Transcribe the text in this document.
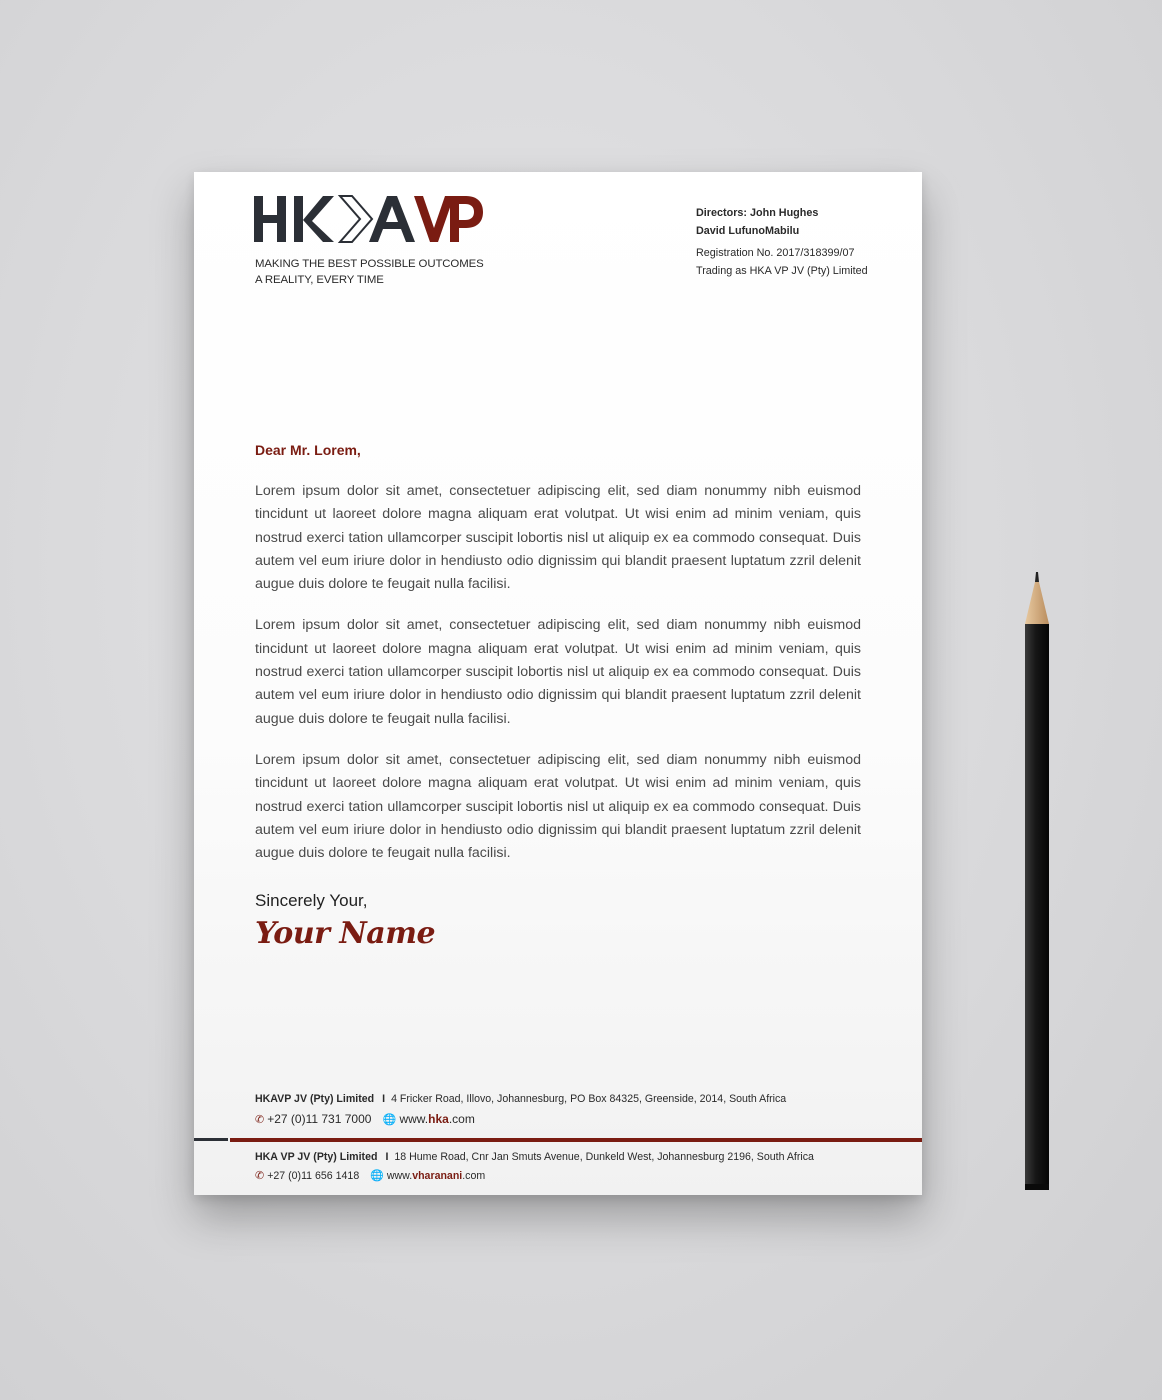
MAKING THE BEST POSSIBLE OUTCOMES
A REALITY, EVERY TIME
Directors: John Hughes
David LufunoMabilu
Registration No. 2017/318399/07
Trading as HKA VP JV (Pty) Limited
Dear Mr. Lorem,

Lorem ipsum dolor sit amet, consectetuer adipiscing elit, sed diam nonummy nibh euismod tincidunt ut laoreet dolore magna aliquam erat volutpat. Ut wisi enim ad minim veniam, quis nostrud exerci tation ullamcorper suscipit lobortis nisl ut aliquip ex ea commodo consequat. Duis autem vel eum iriure dolor in hendiusto odio dignissim qui blandit praesent luptatum zzril delenit augue duis dolore te feugait nulla facilisi.

Lorem ipsum dolor sit amet, consectetuer adipiscing elit, sed diam nonummy nibh euismod tincidunt ut laoreet dolore magna aliquam erat volutpat. Ut wisi enim ad minim veniam, quis nostrud exerci tation ullamcorper suscipit lobortis nisl ut aliquip ex ea commodo consequat. Duis autem vel eum iriure dolor in hendiusto odio dignissim qui blandit praesent luptatum zzril delenit augue duis dolore te feugait nulla facilisi.

Lorem ipsum dolor sit amet, consectetuer adipiscing elit, sed diam nonummy nibh euismod tincidunt ut laoreet dolore magna aliquam erat volutpat. Ut wisi enim ad minim veniam, quis nostrud exerci tation ullamcorper suscipit lobortis nisl ut aliquip ex ea commodo consequat. Duis autem vel eum iriure dolor in hendiusto odio dignissim qui blandit praesent luptatum zzril delenit augue duis dolore te feugait nulla facilisi.

Sincerely Your,
Your Name
HKAVP JV (Pty) Limited I 4 Fricker Road, Illovo, Johannesburg, PO Box 84325, Greenside, 2014, South Africa
✆ +27 (0)11 731 7000 🌐 www.hka.com
HKA VP JV (Pty) Limited I 18 Hume Road, Cnr Jan Smuts Avenue, Dunkeld West, Johannesburg 2196, South Africa
✆ +27 (0)11 656 1418 🌐 www.vharanani.com
